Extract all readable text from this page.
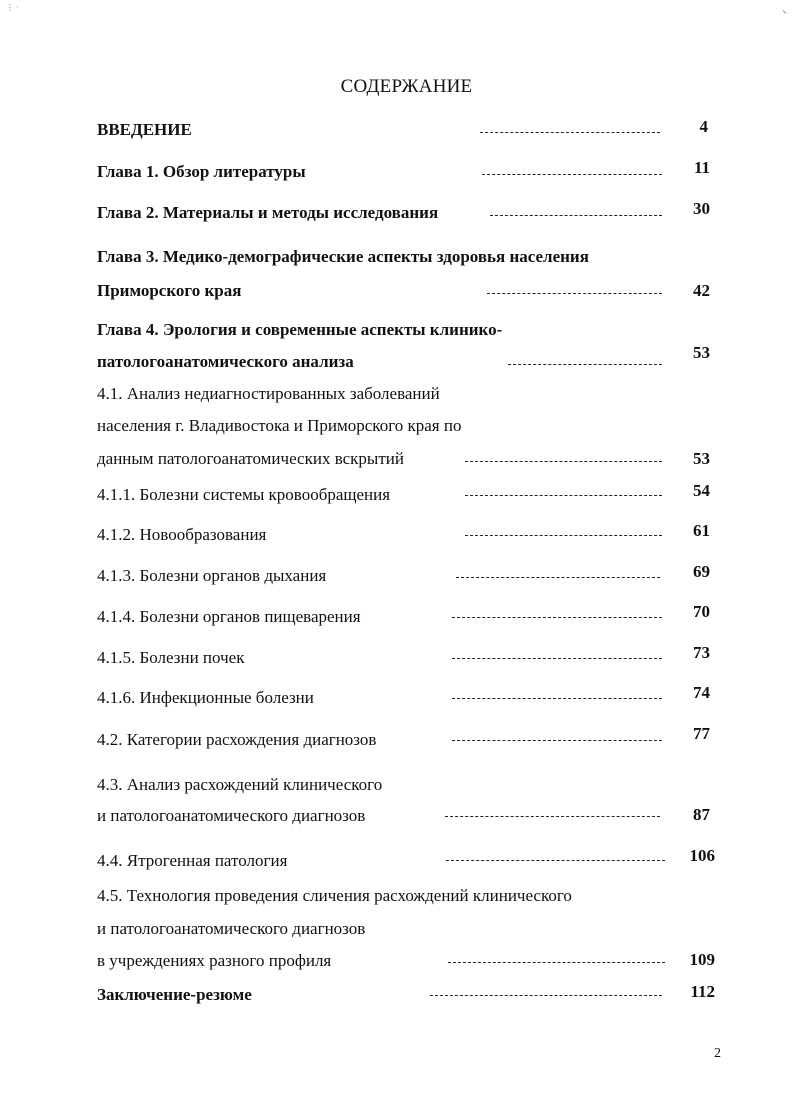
⋮ ·	⸜
СОДЕРЖАНИЕ
ВВЕДЕНИЕ	4
Глава 1. Обзор литературы	11
Глава 2. Материалы и методы исследования	30
Глава 3. Медико-демографические аспекты здоровья населения
Приморского края	42
Глава 4. Эрология и современные аспекты клинико-
патологоанатомического анализа	53
4.1. Анализ недиагностированных заболеваний
населения г. Владивостока и Приморского края по
данным патологоанатомических вскрытий	53
4.1.1. Болезни системы кровообращения	54
4.1.2. Новообразования	61
4.1.3. Болезни органов дыхания	69
4.1.4. Болезни органов пищеварения	70
4.1.5. Болезни почек	73
4.1.6. Инфекционные болезни	74
4.2. Категории расхождения диагнозов	77
4.3. Анализ расхождений клинического
и патологоанатомического диагнозов	87
4.4. Ятрогенная патология	106
4.5. Технология проведения сличения расхождений клинического
и патологоанатомического диагнозов
в учреждениях разного профиля	109
Заключение-резюме	112
2
